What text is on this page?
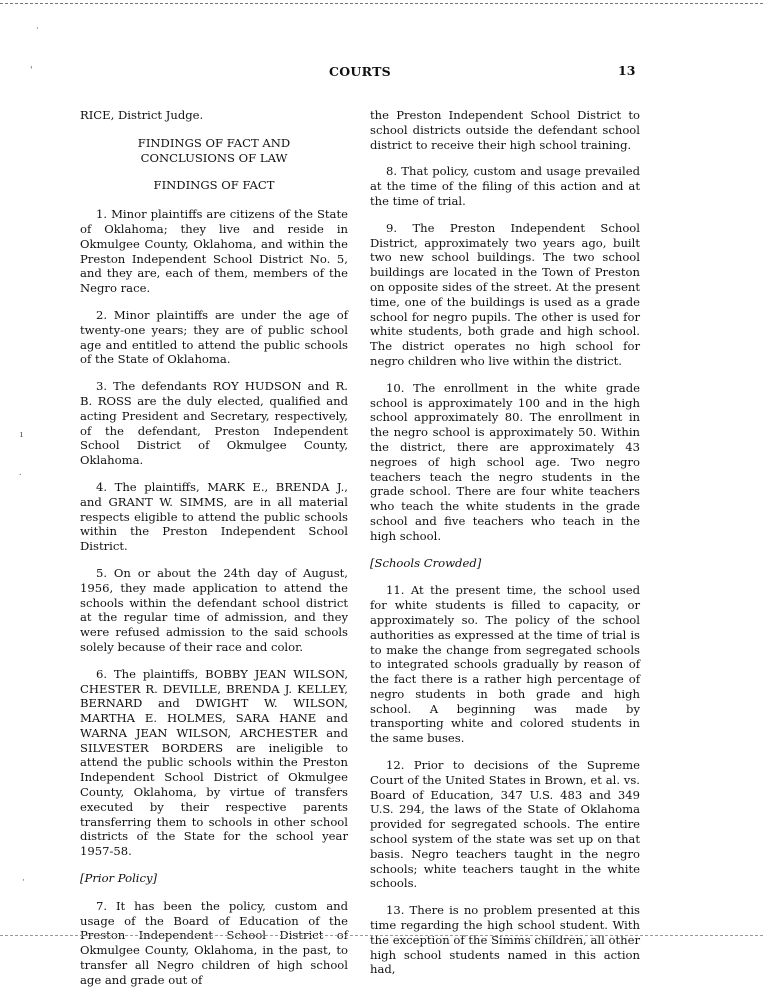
COURTS	13
·
'
ı
˙
·
RICE, District Judge.
FINDINGS OF FACT AND
CONCLUSIONS OF LAW
FINDINGS OF FACT

1. Minor plaintiffs are citizens of the State of Oklahoma; they live and reside in Okmulgee County, Oklahoma, and within the Preston Independent School District No. 5, and they are, each of them, members of the Negro race.

2. Minor plaintiffs are under the age of twenty-one years; they are of public school age and entitled to attend the public schools of the State of Oklahoma.

3. The defendants ROY HUDSON and R. B. ROSS are the duly elected, qualified and acting President and Secretary, respectively, of the defendant, Preston Independent School District of Okmulgee County, Oklahoma.

4. The plaintiffs, MARK E., BRENDA J., and GRANT W. SIMMS, are in all material respects eligible to attend the public schools within the Preston Independent School District.

5. On or about the 24th day of August, 1956, they made application to attend the schools within the defendant school district at the regular time of admission, and they were refused admission to the said schools solely because of their race and color.

6. The plaintiffs, BOBBY JEAN WILSON, CHESTER R. DEVILLE, BRENDA J. KELLEY, BERNARD and DWIGHT W. WILSON, MARTHA E. HOLMES, SARA HANE and WARNA JEAN WILSON, ARCHESTER and SILVESTER BORDERS are ineligible to attend the public schools within the Preston Independent School District of Okmulgee County, Oklahoma, by virtue of transfers executed by their respective parents transferring them to schools in other school districts of the State for the school year 1957-58.

[Prior Policy]

7. It has been the policy, custom and usage of the Board of Education of the Preston Independent School District of Okmulgee County, Oklahoma, in the past, to transfer all Negro children of high school age and grade out of

the Preston Independent School District to school districts outside the defendant school district to receive their high school training.

8. That policy, custom and usage prevailed at the time of the filing of this action and at the time of trial.

9. The Preston Independent School District, approximately two years ago, built two new school buildings. The two school buildings are located in the Town of Preston on opposite sides of the street. At the present time, one of the buildings is used as a grade school for negro pupils. The other is used for white students, both grade and high school. The district operates no high school for negro children who live within the district.

10. The enrollment in the white grade school is approximately 100 and in the high school approximately 80. The enrollment in the negro school is approximately 50. Within the district, there are approximately 43 negroes of high school age. Two negro teachers teach the negro students in the grade school. There are four white teachers who teach the white students in the grade school and five teachers who teach in the high school.

[Schools Crowded]

11. At the present time, the school used for white students is filled to capacity, or approximately so. The policy of the school authorities as expressed at the time of trial is to make the change from segregated schools to integrated schools gradually by reason of the fact there is a rather high percentage of negro students in both grade and high school. A beginning was made by transporting white and colored students in the same buses.

12. Prior to decisions of the Supreme Court of the United States in Brown, et al. vs. Board of Education, 347 U.S. 483 and 349 U.S. 294, the laws of the State of Oklahoma provided for segregated schools. The entire school system of the state was set up on that basis. Negro teachers taught in the negro schools; white teachers taught in the white schools.

13. There is no problem presented at this time regarding the high school student. With the exception of the Simms children, all other high school students named in this action had,
